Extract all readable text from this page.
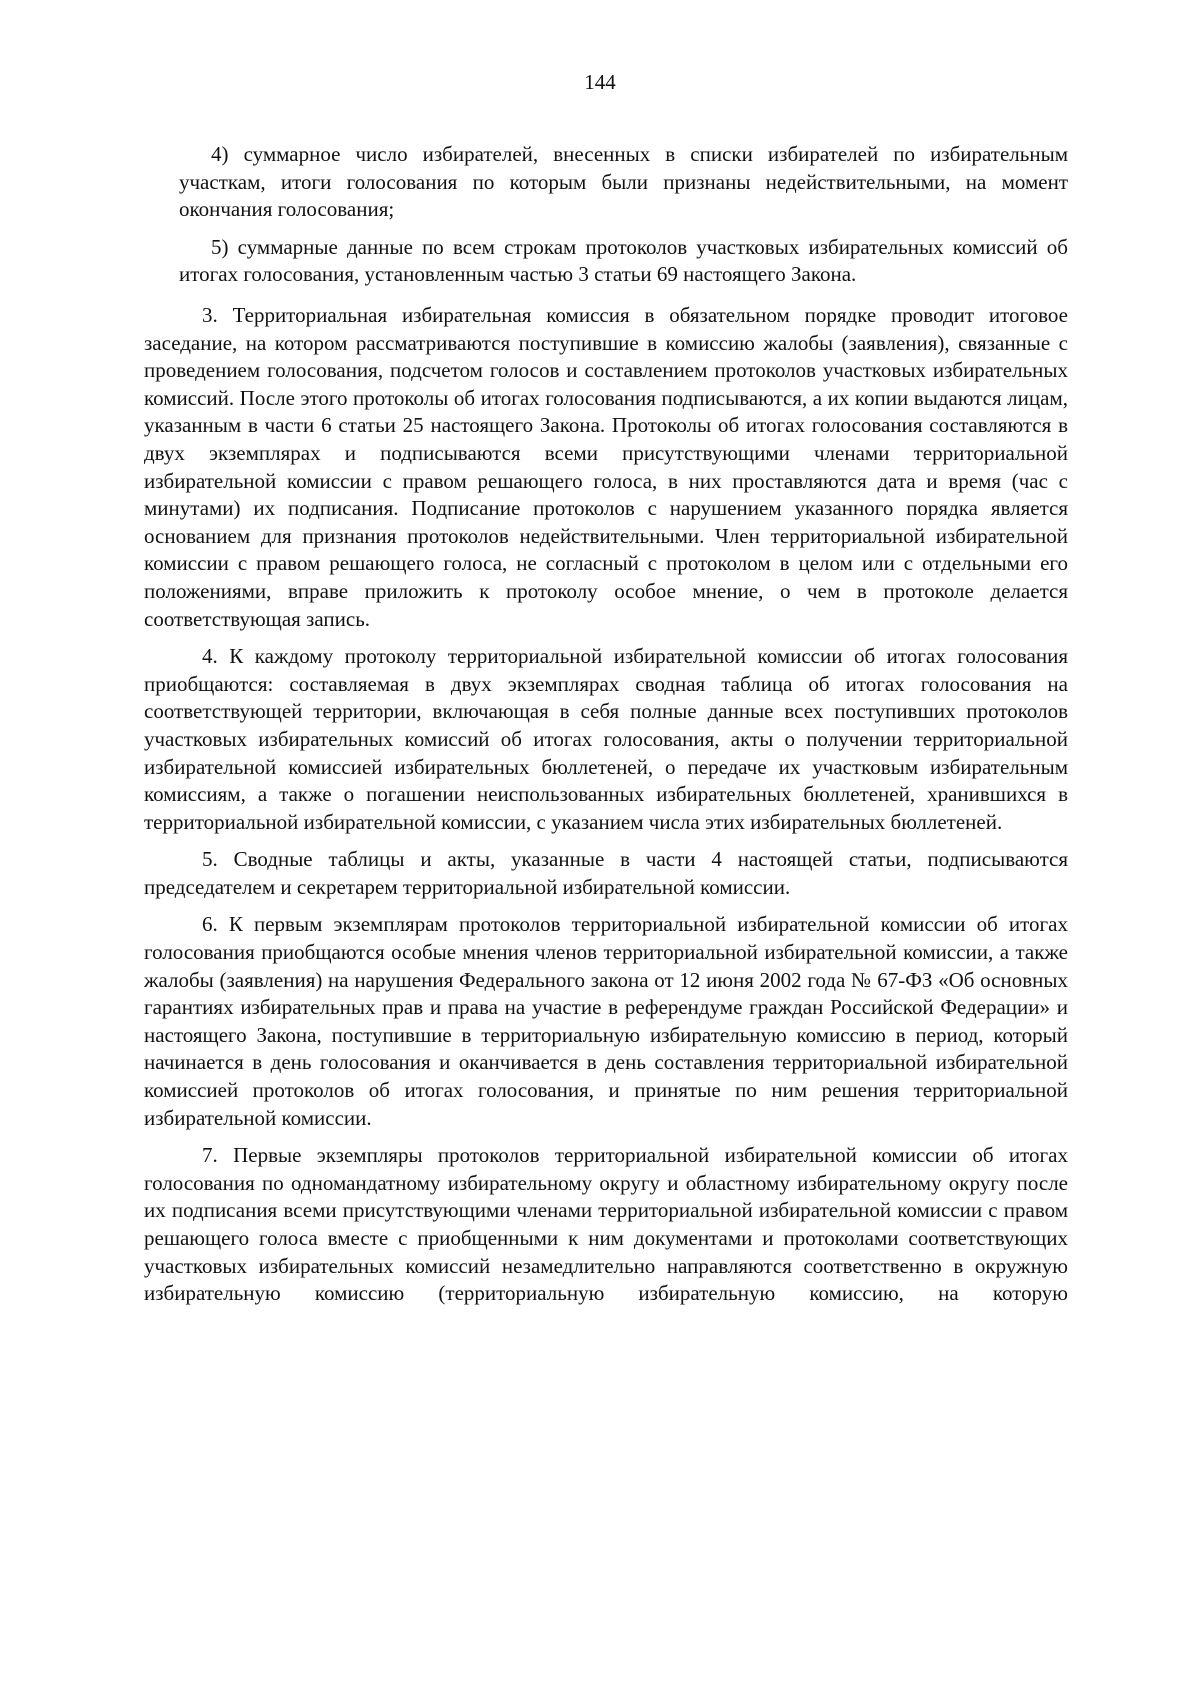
144

4) суммарное число избирателей, внесенных в списки избирателей по избирательным участкам, итоги голосования по которым были признаны недействительными, на момент окончания голосования;

5) суммарные данные по всем строкам протоколов участковых избирательных комиссий об итогах голосования, установленным частью 3 статьи 69 настоящего Закона.

3. Территориальная избирательная комиссия в обязательном порядке проводит итоговое заседание, на котором рассматриваются поступившие в комиссию жалобы (заявления), связанные с проведением голосования, подсчетом голосов и составлением протоколов участковых избирательных комиссий. После этого протоколы об итогах голосования подписываются, а их копии выдаются лицам, указанным в части 6 статьи 25 настоящего Закона. Протоколы об итогах голосования составляются в двух экземплярах и подписываются всеми присутствующими членами территориальной избирательной комиссии с правом решающего голоса, в них проставляются дата и время (час с минутами) их подписания. Подписание протоколов с нарушением указанного порядка является основанием для признания протоколов недействительными. Член территориальной избирательной комиссии с правом решающего голоса, не согласный с протоколом в целом или с отдельными его положениями, вправе приложить к протоколу особое мнение, о чем в протоколе делается соответствующая запись.

4. К каждому протоколу территориальной избирательной комиссии об итогах голосования приобщаются: составляемая в двух экземплярах сводная таблица об итогах голосования на соответствующей территории, включающая в себя полные данные всех поступивших протоколов участковых избирательных комиссий об итогах голосования, акты о получении территориальной избирательной комиссией избирательных бюллетеней, о передаче их участковым избирательным комиссиям, а также о погашении неиспользованных избирательных бюллетеней, хранившихся в территориальной избирательной комиссии, с указанием числа этих избирательных бюллетеней.

5. Сводные таблицы и акты, указанные в части 4 настоящей статьи, подписываются председателем и секретарем территориальной избирательной комиссии.

6. К первым экземплярам протоколов территориальной избирательной комиссии об итогах голосования приобщаются особые мнения членов территориальной избирательной комиссии, а также жалобы (заявления) на нарушения Федерального закона от 12 июня 2002 года № 67-ФЗ «Об основных гарантиях избирательных прав и права на участие в референдуме граждан Российской Федерации» и настоящего Закона, поступившие в территориальную избирательную комиссию в период, который начинается в день голосования и оканчивается в день составления территориальной избирательной комиссией протоколов об итогах голосования, и принятые по ним решения территориальной избирательной комиссии.

7. Первые экземпляры протоколов территориальной избирательной комиссии об итогах голосования по одномандатному избирательному округу и областному избирательному округу после их подписания всеми присутствующими членами территориальной избирательной комиссии с правом решающего голоса вместе с приобщенными к ним документами и протоколами соответствующих участковых избирательных комиссий незамедлительно направляются соответственно в окружную избирательную комиссию (территориальную избирательную комиссию, на которую
